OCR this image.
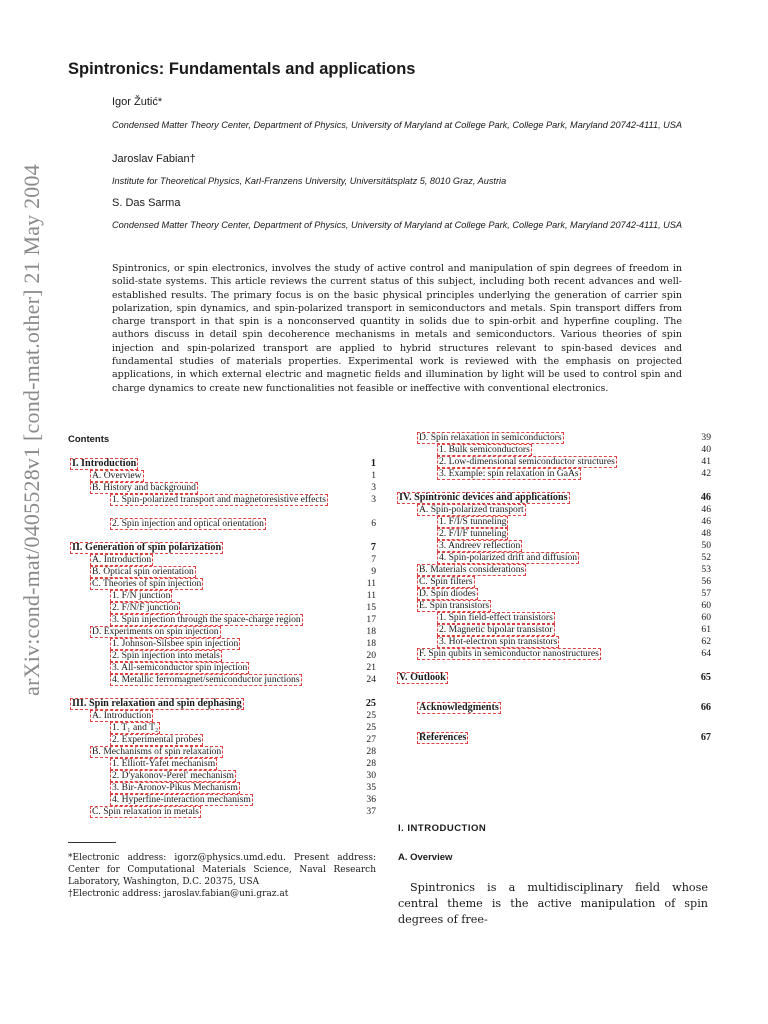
arXiv:cond-mat/0405528v1 [cond-mat.other] 21 May 2004
Spintronics: Fundamentals and applications

Igor Žutić*

Condensed Matter Theory Center, Department of Physics, University of Maryland at College Park, College Park, Maryland 20742-4111, USA

Jaroslav Fabian†

Institute for Theoretical Physics, Karl-Franzens University, Universitätsplatz 5, 8010 Graz, Austria

S. Das Sarma

Condensed Matter Theory Center, Department of Physics, University of Maryland at College Park, College Park, Maryland 20742-4111, USA

Spintronics, or spin electronics, involves the study of active control and manipulation of spin degrees of freedom in solid-state systems. This article reviews the current status of this subject, including both recent advances and well-established results. The primary focus is on the basic physical principles underlying the generation of carrier spin polarization, spin dynamics, and spin-polarized transport in semiconductors and metals. Spin transport differs from charge transport in that spin is a nonconserved quantity in solids due to spin-orbit and hyperfine coupling. The authors discuss in detail spin decoherence mechanisms in metals and semiconductors. Various theories of spin injection and spin-polarized transport are applied to hybrid structures relevant to spin-based devices and fundamental studies of materials properties. Experimental work is reviewed with the emphasis on projected applications, in which external electric and magnetic fields and illumination by light will be used to control spin and charge dynamics to create new functionalities not feasible or ineffective with conventional electronics.

Contents
I. Introduction	1
A. Overview	1
B. History and background	3
1. Spin-polarized transport and magnetoresistive effects	3
2. Spin injection and optical orientation	6
II. Generation of spin polarization	7
A. Introduction	7
B. Optical spin orientation	9
C. Theories of spin injection	11
1. F/N junction	11
2. F/N/F junction	15
3. Spin injection through the space-charge region	17
D. Experiments on spin injection	18
1. Johnson-Silsbee spin injection	18
2. Spin injection into metals	20
3. All-semiconductor spin injection	21
4. Metallic ferromagnet/semiconductor junctions	24
III. Spin relaxation and spin dephasing	25
A. Introduction	25
1. T₁ and T₂	25
2. Experimental probes	27
B. Mechanisms of spin relaxation	28
1. Elliott-Yafet mechanism	28
2. D'yakonov-Perel' mechanism	30
3. Bir-Aronov-Pikus Mechanism	35
4. Hyperfine-interaction mechanism	36
C. Spin relaxation in metals	37
D. Spin relaxation in semiconductors	39
1. Bulk semiconductors	40
2. Low-dimensional semiconductor structures	41
3. Example: spin relaxation in GaAs	42
IV. Spintronic devices and applications	46
A. Spin-polarized transport	46
1. F/I/S tunneling	46
2. F/I/F tunneling	48
3. Andreev reflection	50
4. Spin-polarized drift and diffusion	52
B. Materials considerations	53
C. Spin filters	56
D. Spin diodes	57
E. Spin transistors	60
1. Spin field-effect transistors	60
2. Magnetic bipolar transistor	61
3. Hot-electron spin transistors	62
F. Spin qubits in semiconductor nanostructures	64
V. Outlook	65
Acknowledgments	66
References	67
*Electronic address: igorz@physics.umd.edu. Present address: Center for Computational Materials Science, Naval Research Laboratory, Washington, D.C. 20375, USA
†Electronic address: jaroslav.fabian@uni.graz.at
I. INTRODUCTION
A. Overview

Spintronics is a multidisciplinary field whose central theme is the active manipulation of spin degrees of free-
